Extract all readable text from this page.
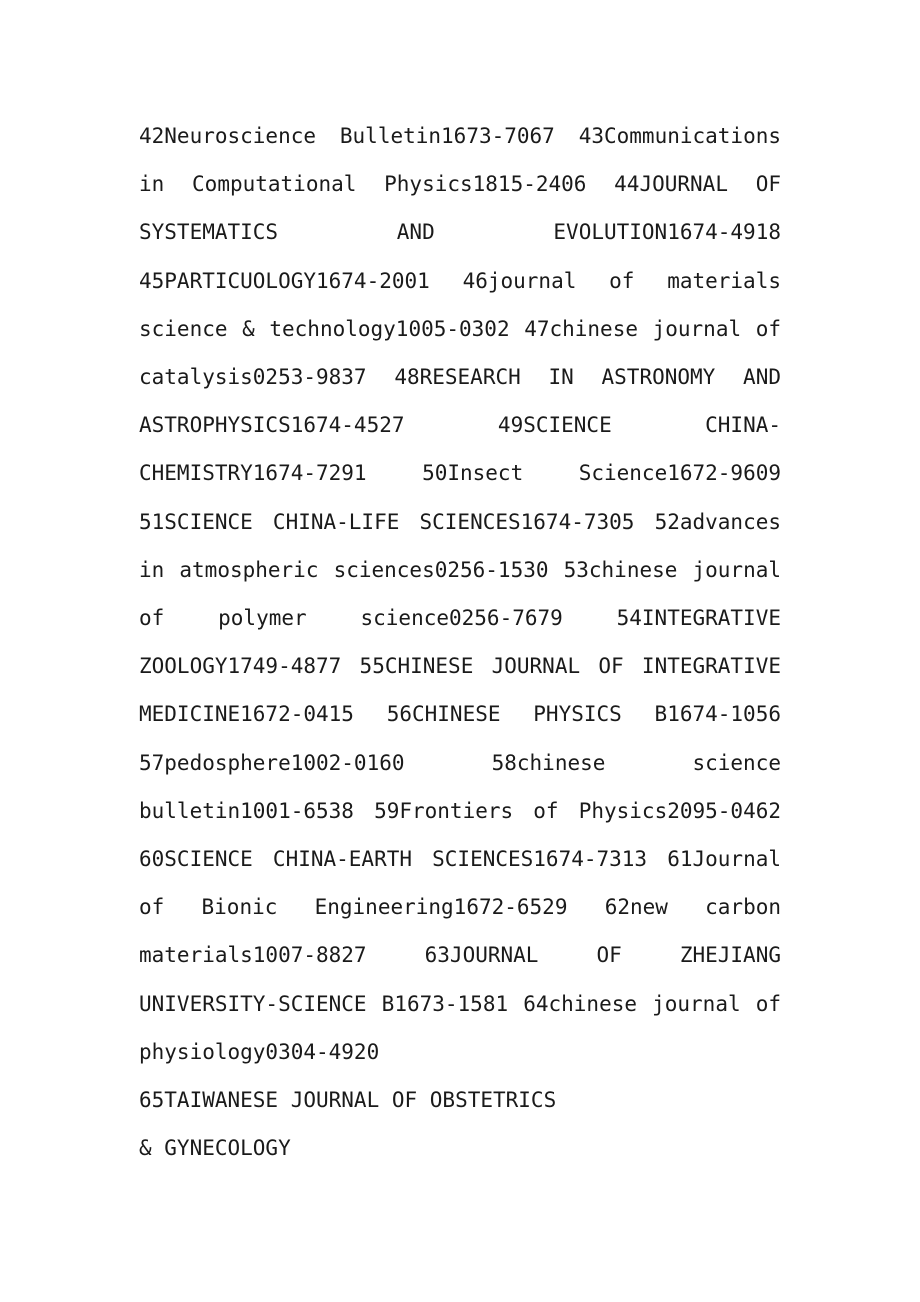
42Neuroscience Bulletin1673-7067 43Communications in Computational Physics1815-2406 44JOURNAL OF SYSTEMATICS AND EVOLUTION1674-4918 45PARTICUOLOGY1674-2001 46journal of materials science & technology1005-0302 47chinese journal of catalysis0253-9837 48RESEARCH IN ASTRONOMY AND ASTROPHYSICS1674-4527 49SCIENCE CHINA-CHEMISTRY1674-7291 50Insect Science1672-9609 51SCIENCE CHINA-LIFE SCIENCES1674-7305 52advances in atmospheric sciences0256-1530 53chinese journal of polymer science0256-7679 54INTEGRATIVE ZOOLOGY1749-4877 55CHINESE JOURNAL OF INTEGRATIVE MEDICINE1672-0415 56CHINESE PHYSICS B1674-1056 57pedosphere1002-0160 58chinese science bulletin1001-6538 59Frontiers of Physics2095-0462 60SCIENCE CHINA-EARTH SCIENCES1674-7313 61Journal of Bionic Engineering1672-6529 62new carbon materials1007-8827 63JOURNAL OF ZHEJIANG UNIVERSITY-SCIENCE B1673-1581 64chinese journal of physiology0304-4920

65TAIWANESE JOURNAL OF OBSTETRICS & GYNECOLOGY
